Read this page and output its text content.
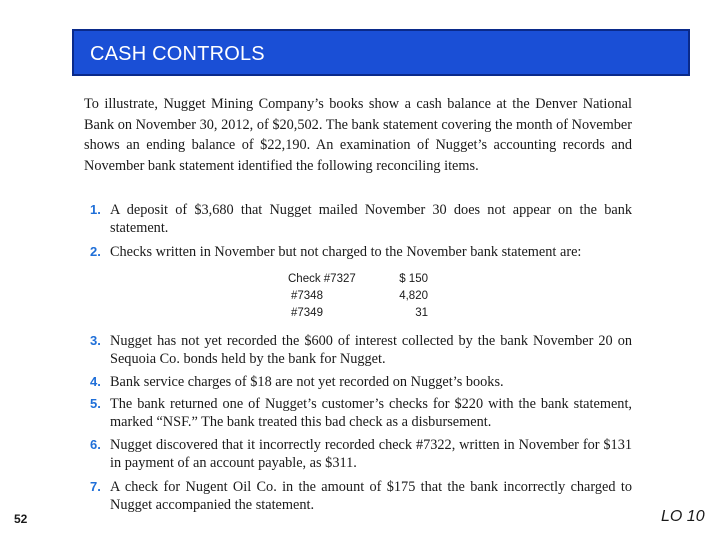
CASH CONTROLS
To illustrate, Nugget Mining Company’s books show a cash balance at the Denver National Bank on November 30, 2012, of $20,502. The bank statement covering the month of November shows an ending balance of $22,190. An examination of Nugget’s accounting records and November bank statement identified the following reconciling items.
1. A deposit of $3,680 that Nugget mailed November 30 does not appear on the bank statement.
2. Checks written in November but not charged to the November bank statement are:
Check #7327	$ 150
#7348	4,820
#7349	31
3. Nugget has not yet recorded the $600 of interest collected by the bank November 20 on Sequoia Co. bonds held by the bank for Nugget.
4. Bank service charges of $18 are not yet recorded on Nugget’s books.
5. The bank returned one of Nugget’s customer’s checks for $220 with the bank statement, marked “NSF.” The bank treated this bad check as a disbursement.
6. Nugget discovered that it incorrectly recorded check #7322, written in November for $131 in payment of an account payable, as $311.
7. A check for Nugent Oil Co. in the amount of $175 that the bank incorrectly charged to Nugget accompanied the statement.
52	LO 10
